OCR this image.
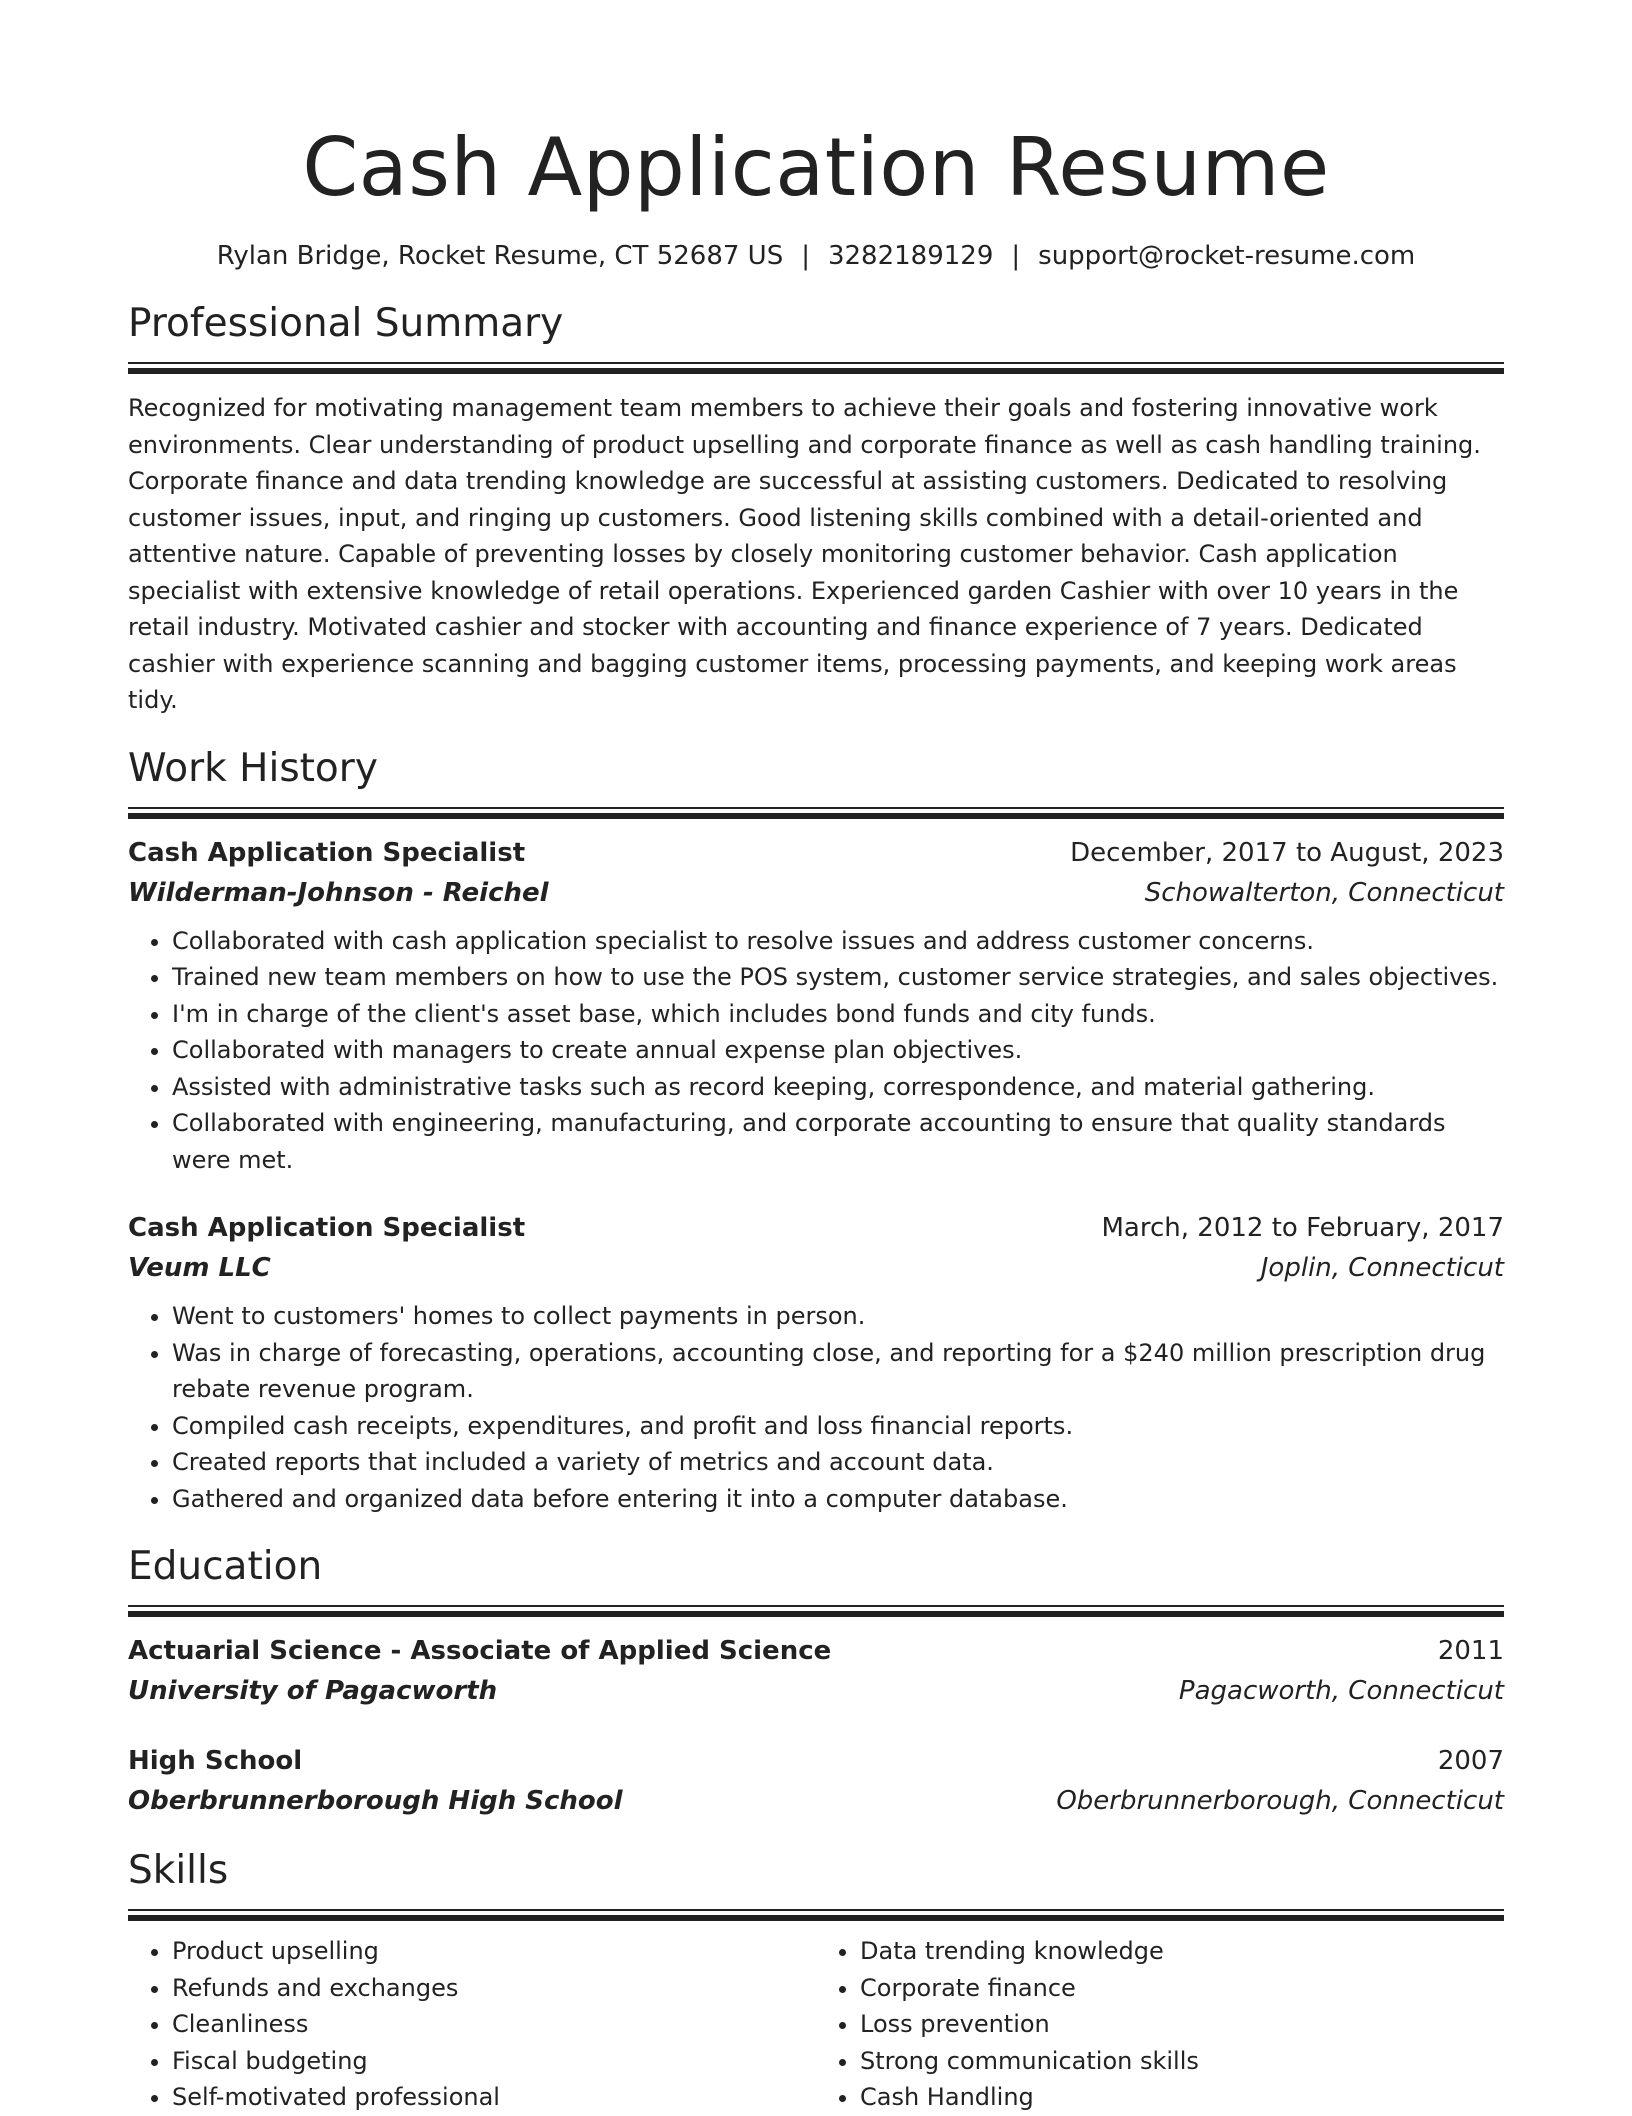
Cash Application Resume
Rylan Bridge, Rocket Resume, CT 52687 US | 3282189129 | support@rocket-resume.com
Professional Summary

Recognized for motivating management team members to achieve their goals and fostering innovative work environments. Clear understanding of product upselling and corporate finance as well as cash handling training. Corporate finance and data trending knowledge are successful at assisting customers. Dedicated to resolving customer issues, input, and ringing up customers. Good listening skills combined with a detail-oriented and attentive nature. Capable of preventing losses by closely monitoring customer behavior. Cash application specialist with extensive knowledge of retail operations. Experienced garden Cashier with over 10 years in the retail industry. Motivated cashier and stocker with accounting and finance experience of 7 years. Dedicated cashier with experience scanning and bagging customer items, processing payments, and keeping work areas tidy.

Work History
Cash Application Specialist	December, 2017 to August, 2023
Wilderman-Johnson - Reichel	Schowalterton, Connecticut
• Collaborated with cash application specialist to resolve issues and address customer concerns.
• Trained new team members on how to use the POS system, customer service strategies, and sales objectives.
• I'm in charge of the client's asset base, which includes bond funds and city funds.
• Collaborated with managers to create annual expense plan objectives.
• Assisted with administrative tasks such as record keeping, correspondence, and material gathering.
• Collaborated with engineering, manufacturing, and corporate accounting to ensure that quality standards were met.
Cash Application Specialist	March, 2012 to February, 2017
Veum LLC	Joplin, Connecticut
• Went to customers' homes to collect payments in person.
• Was in charge of forecasting, operations, accounting close, and reporting for a $240 million prescription drug rebate revenue program.
• Compiled cash receipts, expenditures, and profit and loss financial reports.
• Created reports that included a variety of metrics and account data.
• Gathered and organized data before entering it into a computer database.
Education
Actuarial Science - Associate of Applied Science	2011
University of Pagacworth	Pagacworth, Connecticut
High School	2007
Oberbrunnerborough High School	Oberbrunnerborough, Connecticut
Skills
• Product upselling
• Refunds and exchanges
• Cleanliness
• Fiscal budgeting
• Self-motivated professional
• Data trending knowledge
• Corporate finance
• Loss prevention
• Strong communication skills
• Cash Handling
